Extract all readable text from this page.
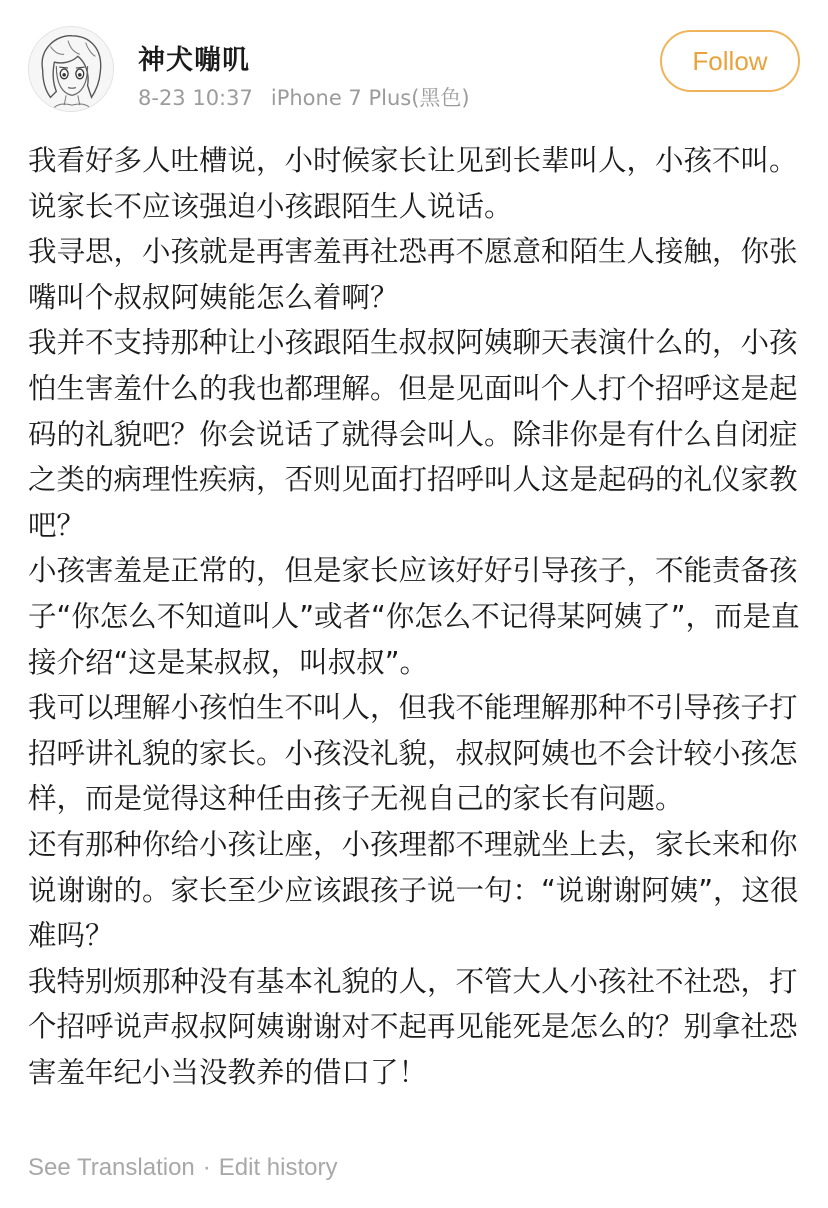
神犬嘣叽
8-23 10:37 iPhone 7 Plus(黑色)
Follow

我看好多人吐槽说，小时候家长让见到长辈叫人，小孩不叫。说家长不应该强迫小孩跟陌生人说话。

我寻思，小孩就是再害羞再社恐再不愿意和陌生人接触，你张嘴叫个叔叔阿姨能怎么着啊？

我并不支持那种让小孩跟陌生叔叔阿姨聊天表演什么的，小孩怕生害羞什么的我也都理解。但是见面叫个人打个招呼这是起码的礼貌吧？你会说话了就得会叫人。除非你是有什么自闭症之类的病理性疾病，否则见面打招呼叫人这是起码的礼仪家教吧？

小孩害羞是正常的，但是家长应该好好引导孩子，不能责备孩子“你怎么不知道叫人”或者“你怎么不记得某阿姨了”，而是直接介绍“这是某叔叔，叫叔叔”。

我可以理解小孩怕生不叫人，但我不能理解那种不引导孩子打招呼讲礼貌的家长。小孩没礼貌，叔叔阿姨也不会计较小孩怎样，而是觉得这种任由孩子无视自己的家长有问题。

还有那种你给小孩让座，小孩理都不理就坐上去，家长来和你说谢谢的。家长至少应该跟孩子说一句：“说谢谢阿姨”，这很难吗？

我特别烦那种没有基本礼貌的人，不管大人小孩社不社恐，打个招呼说声叔叔阿姨谢谢对不起再见能死是怎么的？别拿社恐害羞年纪小当没教养的借口了！

See Translation · Edit history
